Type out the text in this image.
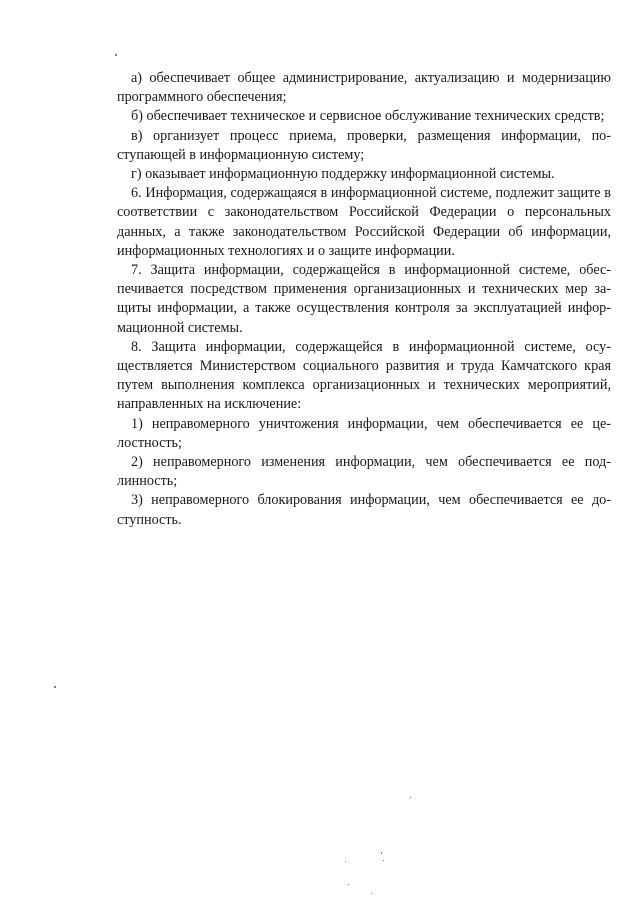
а) обеспечивает общее администрирование, актуализацию и модернизацию программного обеспечения;

б) обеспечивает техническое и сервисное обслуживание технических средств;

в) организует процесс приема, проверки, размещения информации, поступающей в информационную систему;

г) оказывает информационную поддержку информационной системы.

6. Информация, содержащаяся в информационной системе, подлежит защите в соответствии с законодательством Российской Федерации о персональных данных, а также законодательством Российской Федерации об информации, информационных технологиях и о защите информации.

7. Защита информации, содержащейся в информационной системе, обеспечивается посредством применения организационных и технических мер защиты информации, а также осуществления контроля за эксплуатацией информационной системы.

8. Защита информации, содержащейся в информационной системе, осуществляется Министерством социального развития и труда Камчатского края путем выполнения комплекса организационных и технических мероприятий, направленных на исключение:

1) неправомерного уничтожения информации, чем обеспечивается ее целостность;

2) неправомерного изменения информации, чем обеспечивается ее подлинность;

3) неправомерного блокирования информации, чем обеспечивается ее доступность.
